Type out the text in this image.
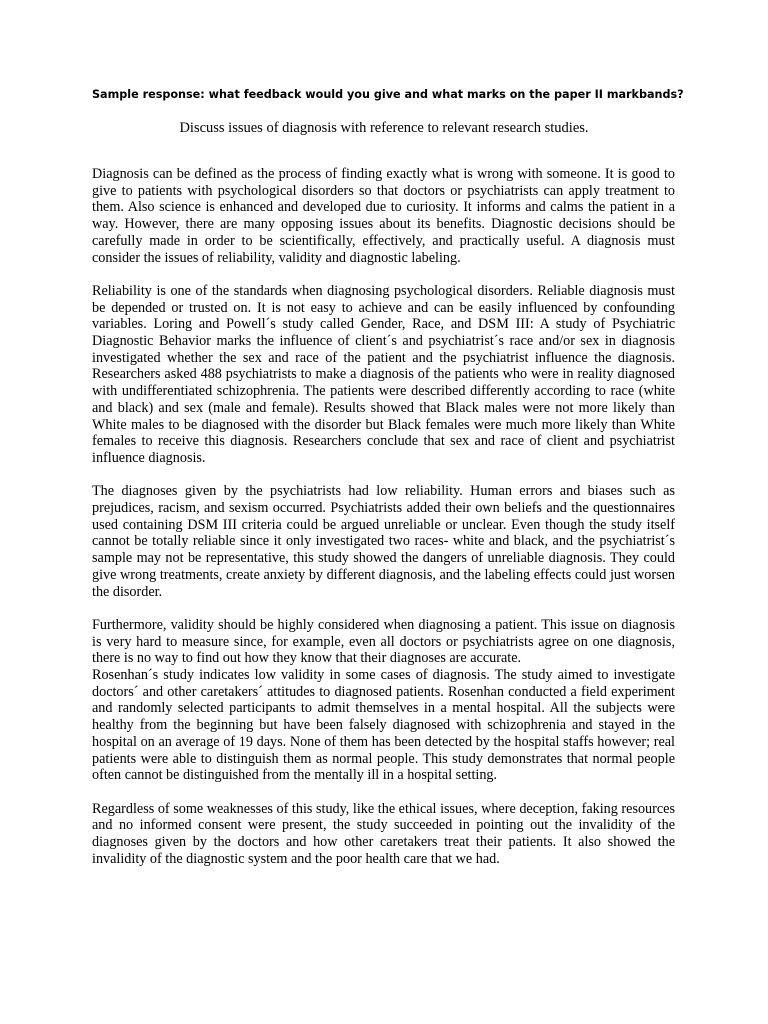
Sample response: what feedback would you give and what marks on the paper II markbands?

Discuss issues of diagnosis with reference to relevant research studies.

Diagnosis can be defined as the process of finding exactly what is wrong with someone. It is good to give to patients with psychological disorders so that doctors or psychiatrists can apply treatment to them. Also science is enhanced and developed due to curiosity. It informs and calms the patient in a way. However, there are many opposing issues about its benefits. Diagnostic decisions should be carefully made in order to be scientifically, effectively, and practically useful. A diagnosis must consider the issues of reliability, validity and diagnostic labeling.

Reliability is one of the standards when diagnosing psychological disorders. Reliable diagnosis must be depended or trusted on. It is not easy to achieve and can be easily influenced by confounding variables. Loring and Powell´s study called Gender, Race, and DSM III: A study of Psychiatric Diagnostic Behavior marks the influence of client´s and psychiatrist´s race and/or sex in diagnosis investigated whether the sex and race of the patient and the psychiatrist influence the diagnosis. Researchers asked 488 psychiatrists to make a diagnosis of the patients who were in reality diagnosed with undifferentiated schizophrenia. The patients were described differently according to race (white and black) and sex (male and female). Results showed that Black males were not more likely than White males to be diagnosed with the disorder but Black females were much more likely than White females to receive this diagnosis. Researchers conclude that sex and race of client and psychiatrist influence diagnosis.

The diagnoses given by the psychiatrists had low reliability. Human errors and biases such as prejudices, racism, and sexism occurred. Psychiatrists added their own beliefs and the questionnaires used containing DSM III criteria could be argued unreliable or unclear. Even though the study itself cannot be totally reliable since it only investigated two races- white and black, and the psychiatrist´s sample may not be representative, this study showed the dangers of unreliable diagnosis. They could give wrong treatments, create anxiety by different diagnosis, and the labeling effects could just worsen the disorder.

Furthermore, validity should be highly considered when diagnosing a patient. This issue on diagnosis is very hard to measure since, for example, even all doctors or psychiatrists agree on one diagnosis, there is no way to find out how they know that their diagnoses are accurate.

Rosenhan´s study indicates low validity in some cases of diagnosis. The study aimed to investigate doctors´ and other caretakers´ attitudes to diagnosed patients. Rosenhan conducted a field experiment and randomly selected participants to admit themselves in a mental hospital. All the subjects were healthy from the beginning but have been falsely diagnosed with schizophrenia and stayed in the hospital on an average of 19 days. None of them has been detected by the hospital staffs however; real patients were able to distinguish them as normal people. This study demonstrates that normal people often cannot be distinguished from the mentally ill in a hospital setting.

Regardless of some weaknesses of this study, like the ethical issues, where deception, faking resources and no informed consent were present, the study succeeded in pointing out the invalidity of the diagnoses given by the doctors and how other caretakers treat their patients. It also showed the invalidity of the diagnostic system and the poor health care that we had.
